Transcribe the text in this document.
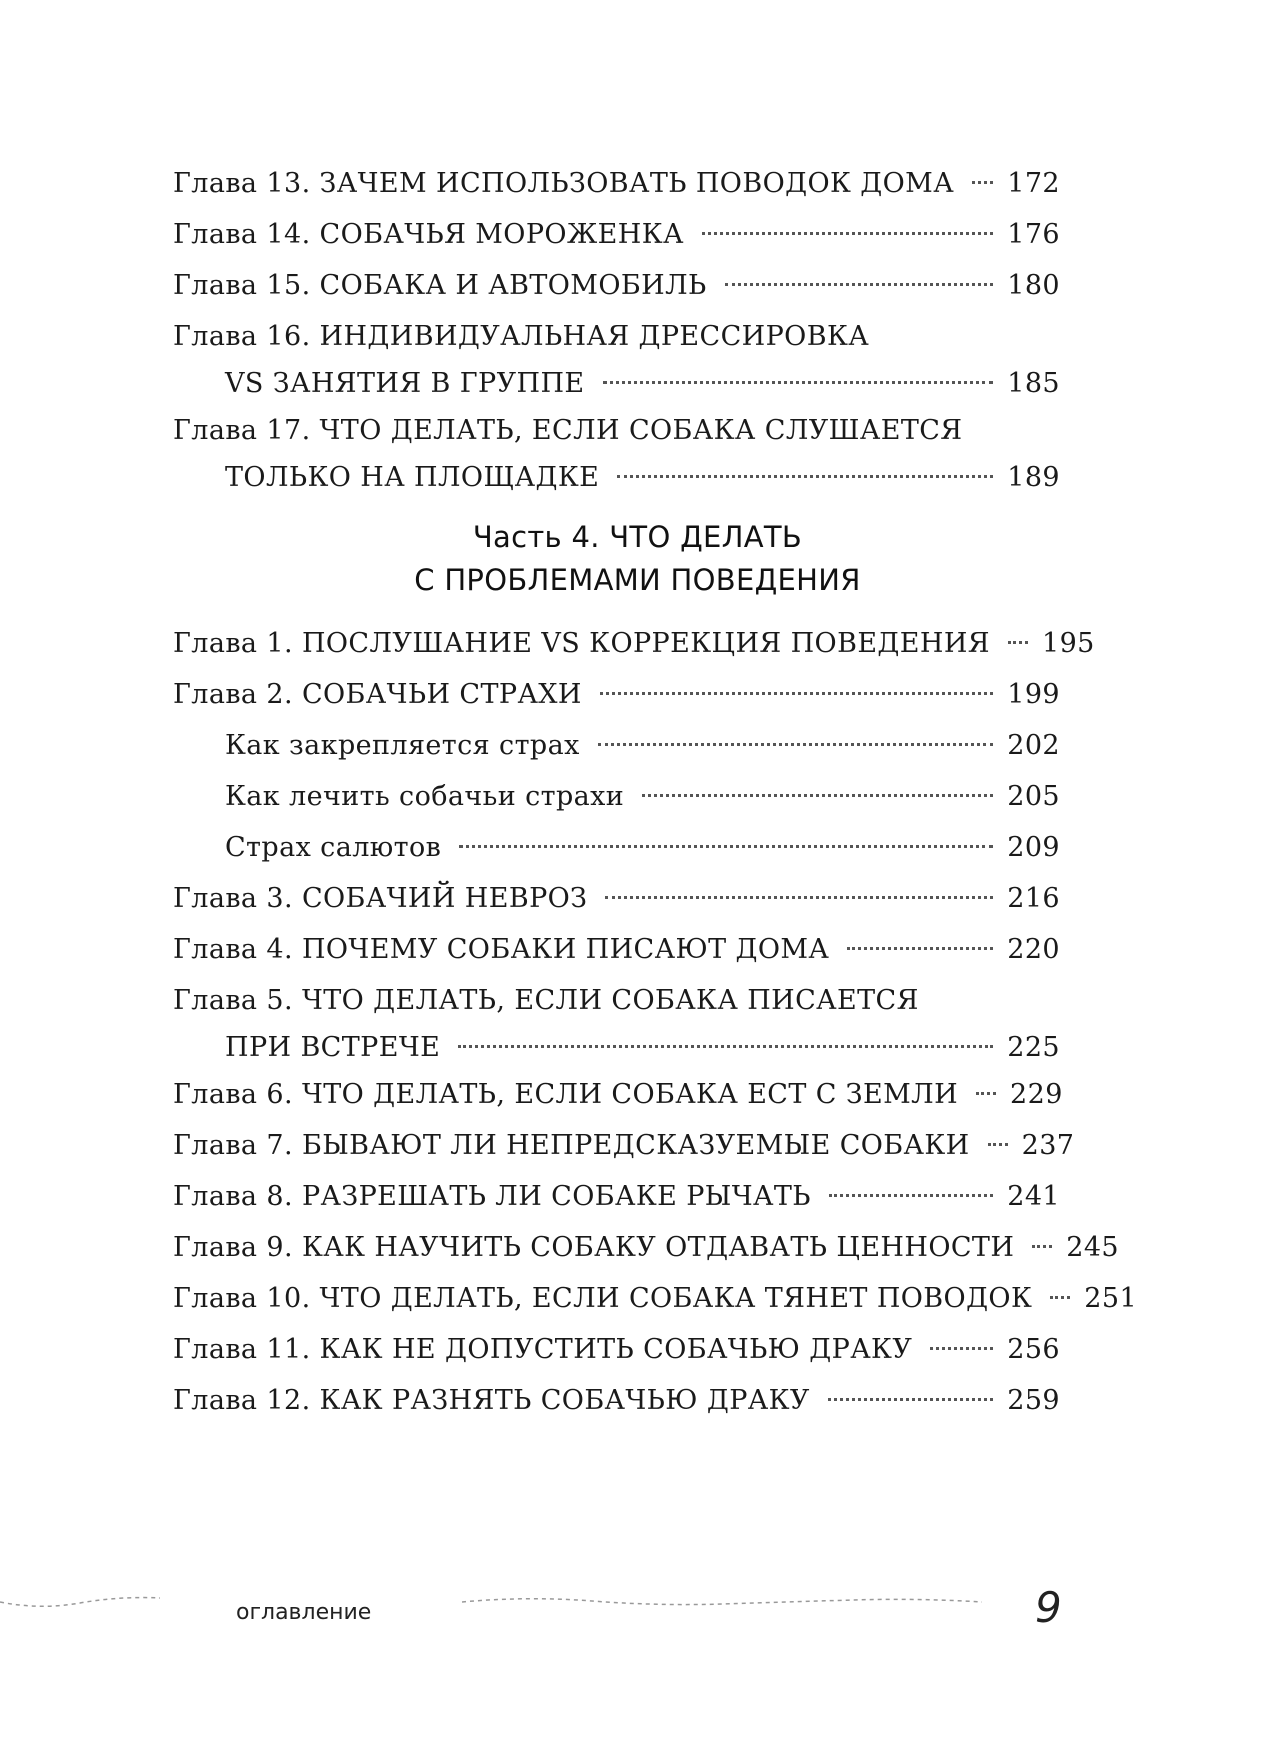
Глава 13. ЗАЧЕМ ИСПОЛЬЗОВАТЬ ПОВОДОК ДОМА 172
Глава 14. СОБАЧЬЯ МОРОЖЕНКА	176
Глава 15. СОБАКА И АВТОМОБИЛЬ	180
Глава 16. ИНДИВИДУАЛЬНАЯ ДРЕССИРОВКА
VS ЗАНЯТИЯ В ГРУППЕ	185
Глава 17. ЧТО ДЕЛАТЬ, ЕСЛИ СОБАКА СЛУШАЕТСЯ
ТОЛЬКО НА ПЛОЩАДКЕ	189
Часть 4. ЧТО ДЕЛАТЬ
С ПРОБЛЕМАМИ ПОВЕДЕНИЯ
Глава 1. ПОСЛУШАНИЕ VS КОРРЕКЦИЯ ПОВЕДЕНИЯ 195
Глава 2. СОБАЧЬИ СТРАХИ	199
Как закрепляется страх	202
Как лечить собачьи страхи	205
Страх салютов	209
Глава 3. СОБАЧИЙ НЕВРОЗ	216
Глава 4. ПОЧЕМУ СОБАКИ ПИСАЮТ ДОМА	220
Глава 5. ЧТО ДЕЛАТЬ, ЕСЛИ СОБАКА ПИСАЕТСЯ
ПРИ ВСТРЕЧЕ	225
Глава 6. ЧТО ДЕЛАТЬ, ЕСЛИ СОБАКА ЕСТ С ЗЕМЛИ 229
Глава 7. БЫВАЮТ ЛИ НЕПРЕДСКАЗУЕМЫЕ СОБАКИ 237
Глава 8. РАЗРЕШАТЬ ЛИ СОБАКЕ РЫЧАТЬ	241
Глава 9. КАК НАУЧИТЬ СОБАКУ ОТДАВАТЬ ЦЕННОСТИ 245
Глава 10. ЧТО ДЕЛАТЬ, ЕСЛИ СОБАКА ТЯНЕТ ПОВОДОК 251
Глава 11. КАК НЕ ДОПУСТИТЬ СОБАЧЬЮ ДРАКУ	256
Глава 12. КАК РАЗНЯТЬ СОБАЧЬЮ ДРАКУ	259
оглавление	9
